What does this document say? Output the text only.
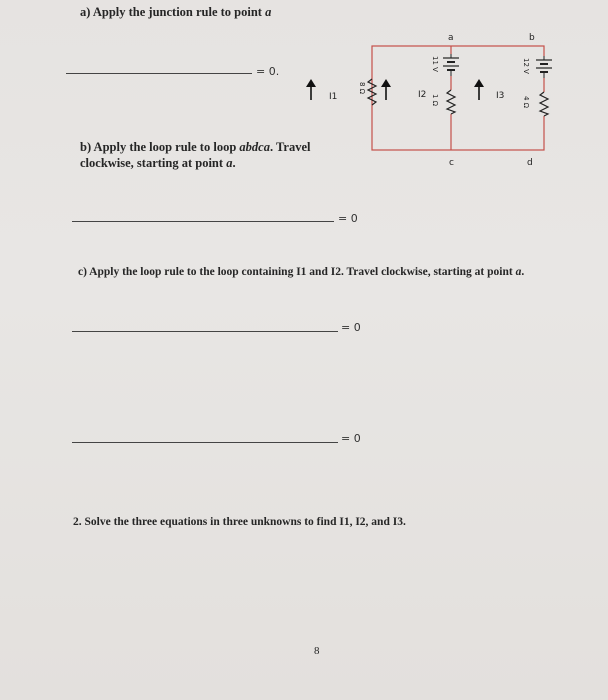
a) Apply the junction rule to point a
= 0.
b) Apply the loop rule to loop abdca. Travel
clockwise, starting at point a.
= 0
c) Apply the loop rule to the loop containing I1 and I2. Travel clockwise, starting at point a.
= 0
= 0
2. Solve the three equations in three unknowns to find I1, I2, and I3.
8
a	b
c	d
8 Ω
11 V
1 Ω
12 V
4 Ω
I1	I2	I3
